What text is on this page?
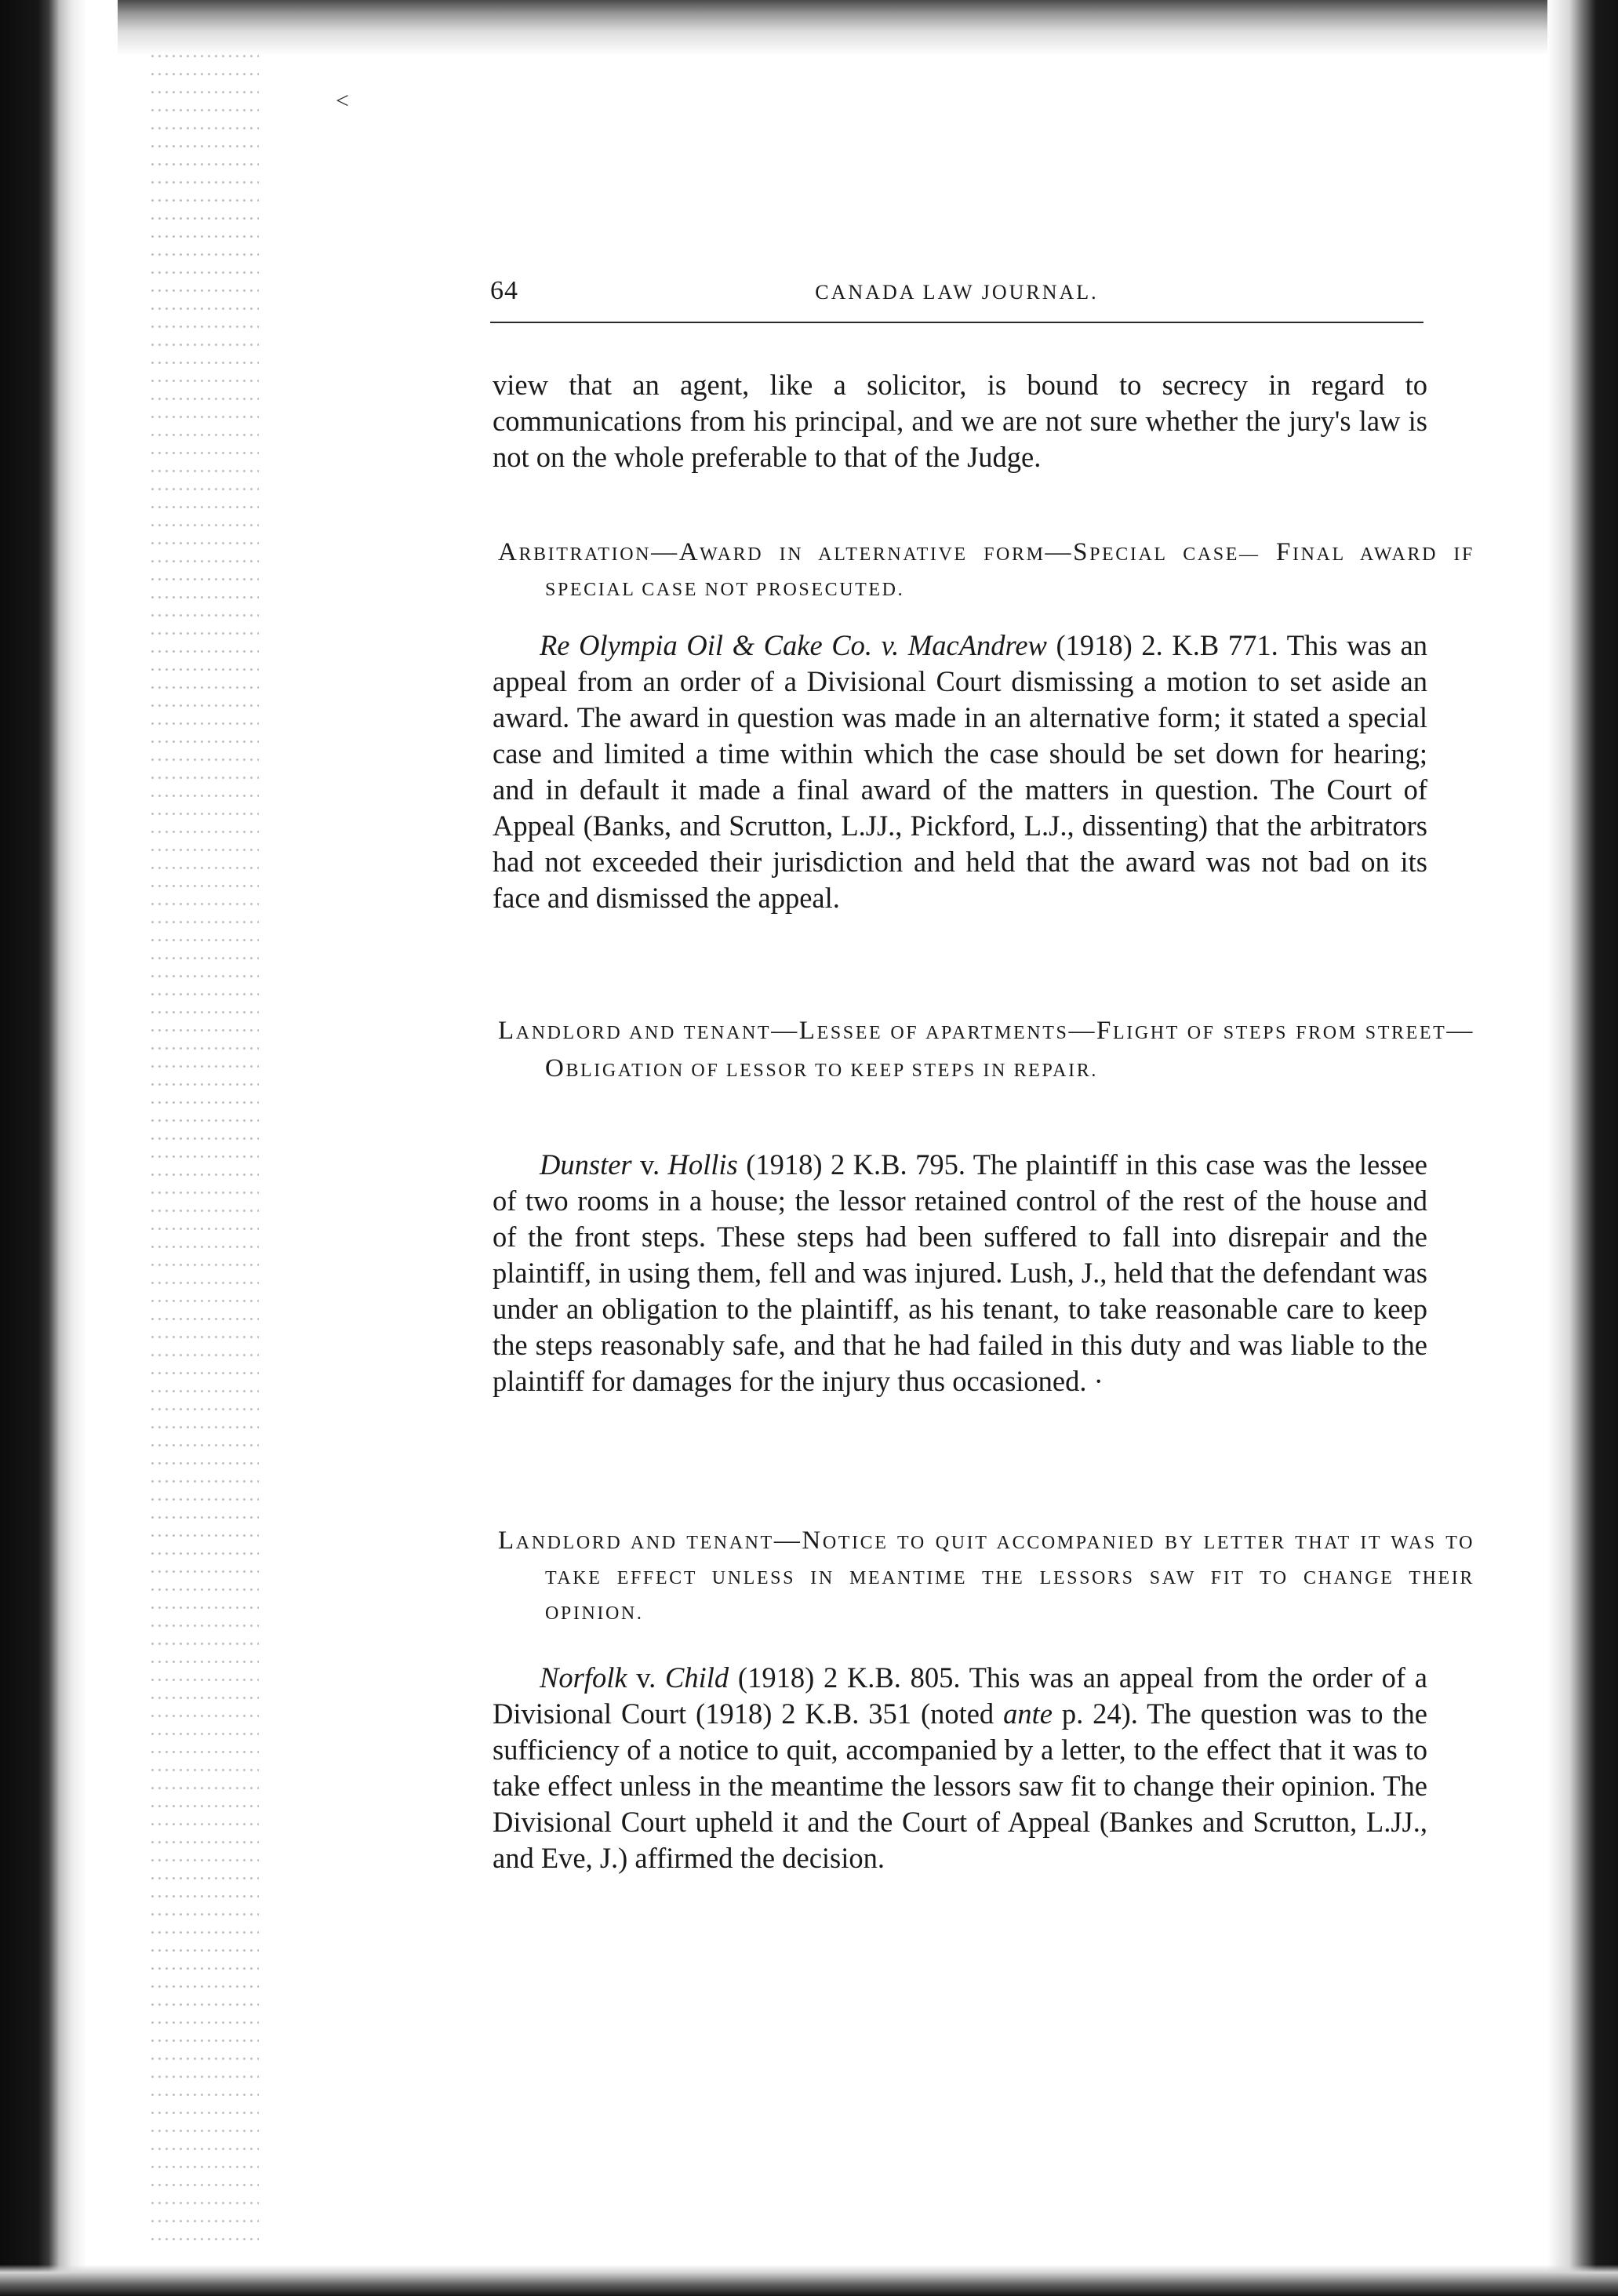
<
64	CANADA LAW JOURNAL.

view that an agent, like a solicitor, is bound to secrecy in regard to communications from his principal, and we are not sure whether the jury's law is not on the whole preferable to that of the Judge.

ARBITRATION—AWARD IN ALTERNATIVE FORM—SPECIAL CASE— FINAL AWARD IF SPECIAL CASE NOT PROSECUTED.

Re Olympia Oil & Cake Co. v. MacAndrew (1918) 2. K.B 771. This was an appeal from an order of a Divisional Court dismissing a motion to set aside an award. The award in question was made in an alternative form; it stated a special case and limited a time within which the case should be set down for hearing; and in default it made a final award of the matters in question. The Court of Appeal (Banks, and Scrutton, L.JJ., Pickford, L.J., dissenting) that the arbitrators had not exceeded their jurisdiction and held that the award was not bad on its face and dismissed the appeal.

LANDLORD AND TENANT—LESSEE OF APARTMENTS—FLIGHT OF STEPS FROM STREET—OBLIGATION OF LESSOR TO KEEP STEPS IN REPAIR.

Dunster v. Hollis (1918) 2 K.B. 795. The plaintiff in this case was the lessee of two rooms in a house; the lessor retained control of the rest of the house and of the front steps. These steps had been suffered to fall into disrepair and the plaintiff, in using them, fell and was injured. Lush, J., held that the defendant was under an obligation to the plaintiff, as his tenant, to take reasonable care to keep the steps reasonably safe, and that he had failed in this duty and was liable to the plaintiff for damages for the injury thus occasioned. ·

LANDLORD AND TENANT—NOTICE TO QUIT ACCOMPANIED BY LETTER THAT IT WAS TO TAKE EFFECT UNLESS IN MEANTIME THE LESSORS SAW FIT TO CHANGE THEIR OPINION.

Norfolk v. Child (1918) 2 K.B. 805. This was an appeal from the order of a Divisional Court (1918) 2 K.B. 351 (noted ante p. 24). The question was to the sufficiency of a notice to quit, accompanied by a letter, to the effect that it was to take effect unless in the meantime the lessors saw fit to change their opinion. The Divisional Court upheld it and the Court of Appeal (Bankes and Scrutton, L.JJ., and Eve, J.) affirmed the decision.
